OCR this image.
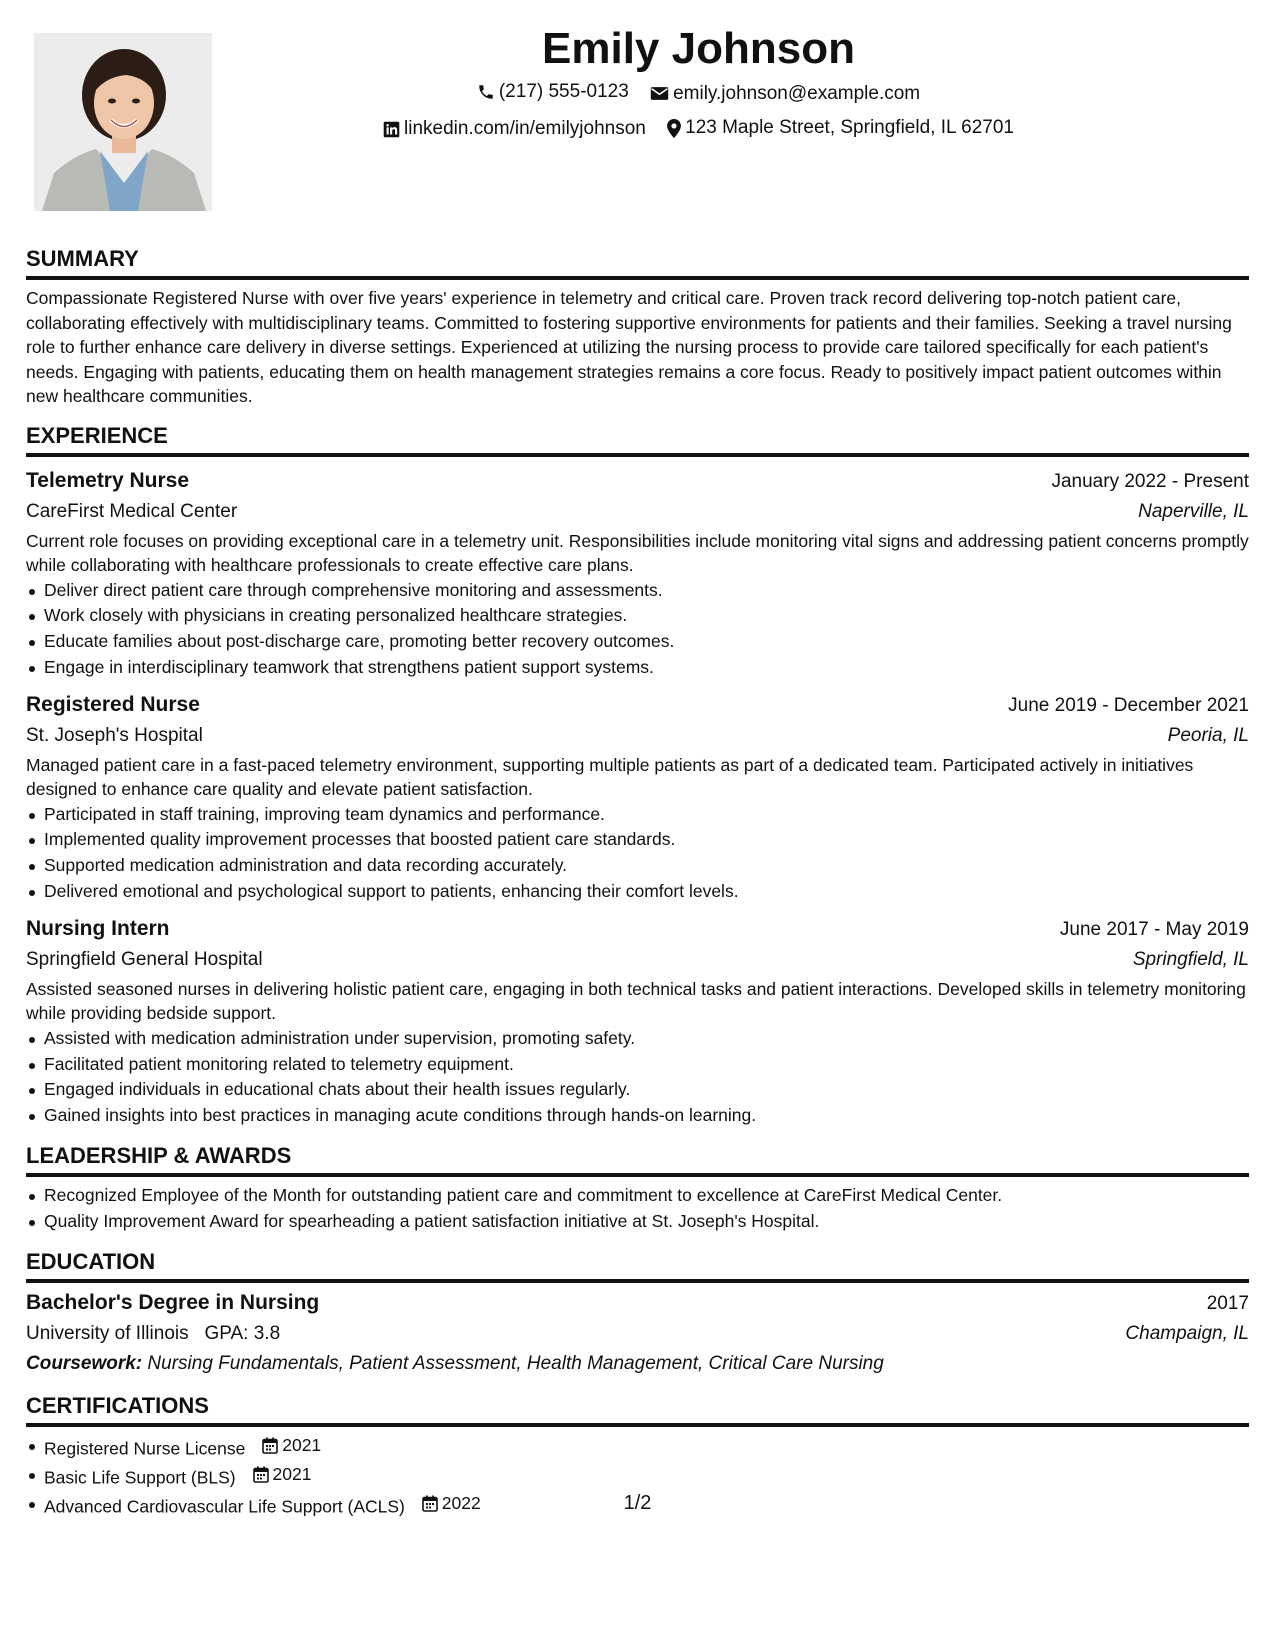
Emily Johnson
(217) 555-0123
emily.johnson@example.com
linkedin.com/in/emilyjohnson
123 Maple Street, Springfield, IL 62701
SUMMARY

Compassionate Registered Nurse with over five years' experience in telemetry and critical care. Proven track record delivering top-notch patient care, collaborating effectively with multidisciplinary teams. Committed to fostering supportive environments for patients and their families. Seeking a travel nursing role to further enhance care delivery in diverse settings. Experienced at utilizing the nursing process to provide care tailored specifically for each patient's needs. Engaging with patients, educating them on health management strategies remains a core focus. Ready to positively impact patient outcomes within new healthcare communities.

EXPERIENCE
Telemetry Nurse	January 2022 - Present
CareFirst Medical Center	Naperville, IL

Current role focuses on providing exceptional care in a telemetry unit. Responsibilities include monitoring vital signs and addressing patient concerns promptly while collaborating with healthcare professionals to create effective care plans.

Deliver direct patient care through comprehensive monitoring and assessments.
Work closely with physicians in creating personalized healthcare strategies.
Educate families about post-discharge care, promoting better recovery outcomes.
Engage in interdisciplinary teamwork that strengthens patient support systems.
Registered Nurse	June 2019 - December 2021
St. Joseph's Hospital	Peoria, IL

Managed patient care in a fast-paced telemetry environment, supporting multiple patients as part of a dedicated team. Participated actively in initiatives designed to enhance care quality and elevate patient satisfaction.

Participated in staff training, improving team dynamics and performance.
Implemented quality improvement processes that boosted patient care standards.
Supported medication administration and data recording accurately.
Delivered emotional and psychological support to patients, enhancing their comfort levels.
Nursing Intern	June 2017 - May 2019
Springfield General Hospital	Springfield, IL

Assisted seasoned nurses in delivering holistic patient care, engaging in both technical tasks and patient interactions. Developed skills in telemetry monitoring while providing bedside support.

Assisted with medication administration under supervision, promoting safety.
Facilitated patient monitoring related to telemetry equipment.
Engaged individuals in educational chats about their health issues regularly.
Gained insights into best practices in managing acute conditions through hands-on learning.
LEADERSHIP & AWARDS
Recognized Employee of the Month for outstanding patient care and commitment to excellence at CareFirst Medical Center.
Quality Improvement Award for spearheading a patient satisfaction initiative at St. Joseph's Hospital.
EDUCATION
Bachelor's Degree in Nursing	2017
University of Illinois GPA: 3.8	Champaign, IL
Coursework: Nursing Fundamentals, Patient Assessment, Health Management, Critical Care Nursing
CERTIFICATIONS
Registered Nurse License 2021
Basic Life Support (BLS) 2021
Advanced Cardiovascular Life Support (ACLS) 2022	1/2
